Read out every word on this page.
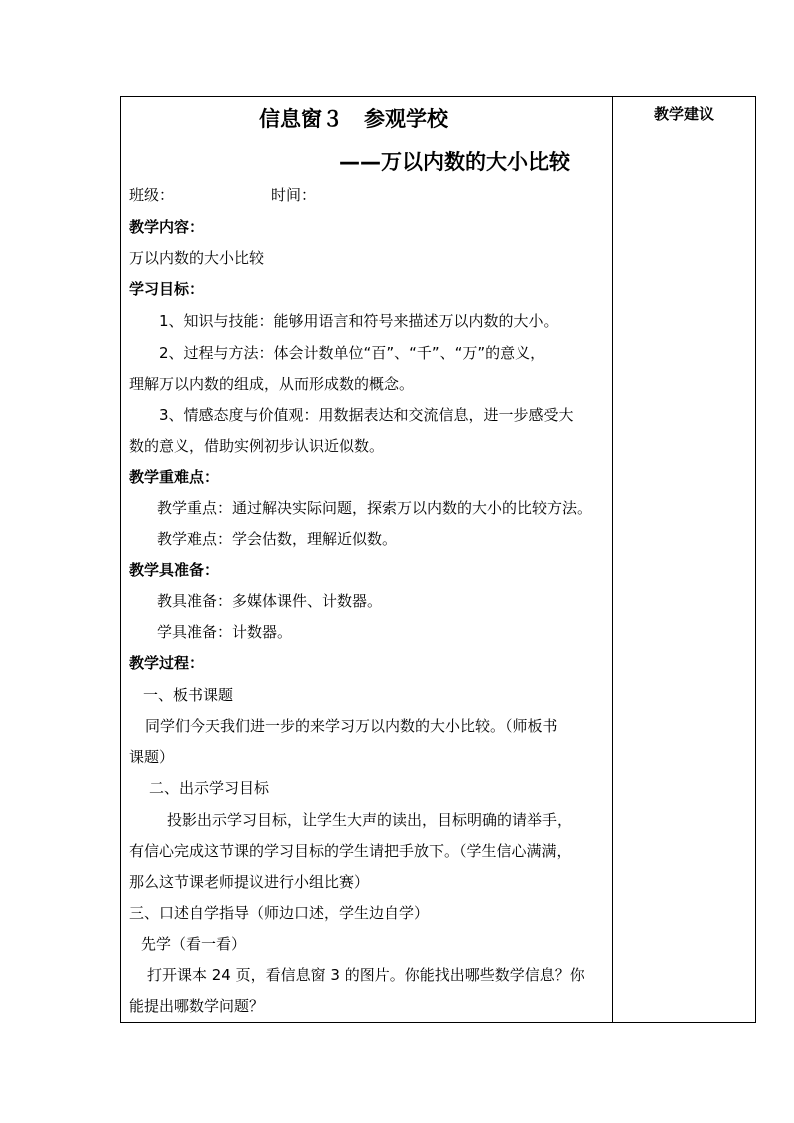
信息窗３　参观学校
——万以内数的大小比较
班级：	时间：
教学内容：
万以内数的大小比较
学习目标：
1、知识与技能：能够用语言和符号来描述万以内数的大小。
2、过程与方法：体会计数单位“百”、“千”、“万”的意义，
理解万以内数的组成，从而形成数的概念。
3、情感态度与价值观：用数据表达和交流信息，进一步感受大
数的意义，借助实例初步认识近似数。
教学重难点：
教学重点：通过解决实际问题，探索万以内数的大小的比较方法。
教学难点：学会估数，理解近似数。
教学具准备：
教具准备：多媒体课件、计数器。
学具准备：计数器。
教学过程：
一、板书课题
同学们今天我们进一步的来学习万以内数的大小比较。（师板书
课题）
二、出示学习目标
投影出示学习目标，让学生大声的读出，目标明确的请举手，
有信心完成这节课的学习目标的学生请把手放下。（学生信心满满，
那么这节课老师提议进行小组比赛）
三、口述自学指导（师边口述，学生边自学）
先学（看一看）
打开课本 24 页，看信息窗 3 的图片。你能找出哪些数学信息？你
能提出哪数学问题？
教学建议
